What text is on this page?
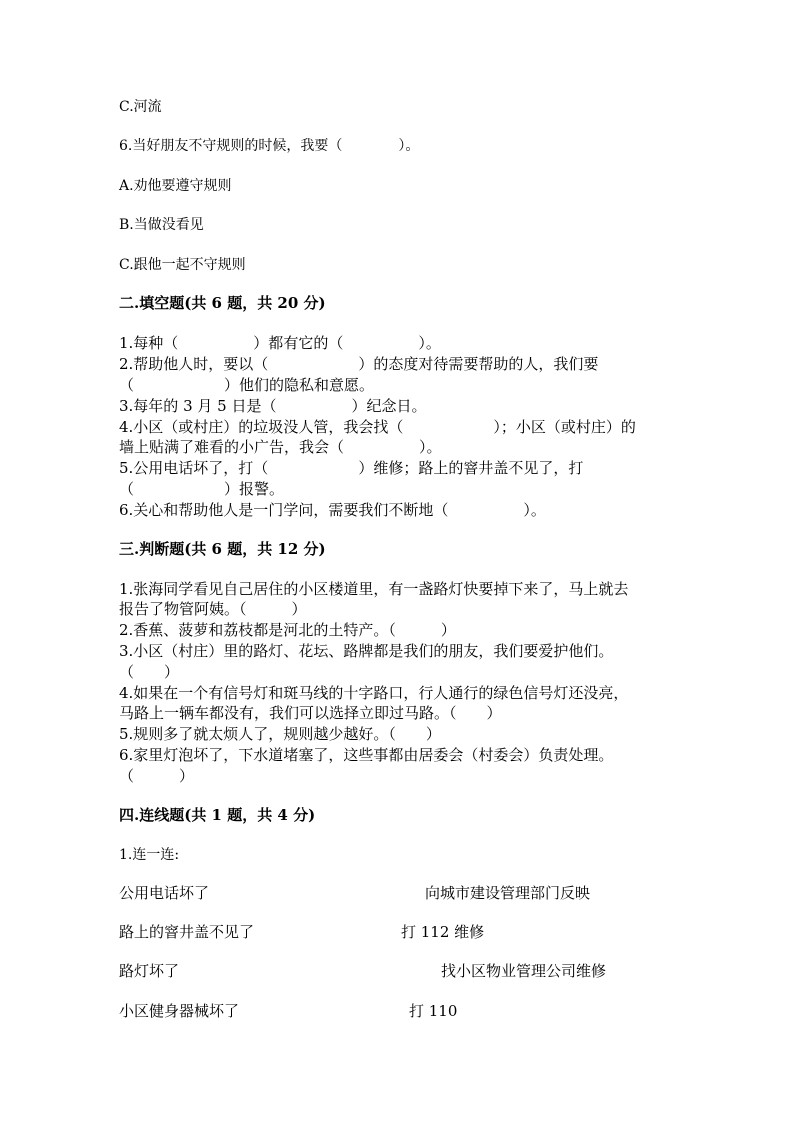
C.河流
6.当好朋友不守规则的时候，我要（　　　　）。
A.劝他要遵守规则
B.当做没看见
C.跟他一起不守规则
二.填空题(共 6 题，共 20 分)
1.每种（　　　　　）都有它的（　　　　　）。
2.帮助他人时，要以（　　　　　　）的态度对待需要帮助的人，我们要
（　　　　　　）他们的隐私和意愿。
3.每年的 3 月 5 日是（　　　　　）纪念日。
4.小区（或村庄）的垃圾没人管，我会找（　　　　　　）；小区（或村庄）的
墙上贴满了难看的小广告，我会（　　　　　）。
5.公用电话坏了，打（　　　　　　）维修；路上的窨井盖不见了，打
（　　　　　　）报警。
6.关心和帮助他人是一门学问，需要我们不断地（　　　　　）。
三.判断题(共 6 题，共 12 分)
1.张海同学看见自己居住的小区楼道里，有一盏路灯快要掉下来了，马上就去
报告了物管阿姨。（　　　）
2.香蕉、菠萝和荔枝都是河北的土特产。（　　　）
3.小区（村庄）里的路灯、花坛、路牌都是我们的朋友，我们要爱护他们。
（　　）
4.如果在一个有信号灯和斑马线的十字路口，行人通行的绿色信号灯还没亮，
马路上一辆车都没有，我们可以选择立即过马路。（　　）
5.规则多了就太烦人了，规则越少越好。（　　）
6.家里灯泡坏了，下水道堵塞了，这些事都由居委会（村委会）负责处理。
（　　　）
四.连线题(共 1 题，共 4 分)
1.连一连:
公用电话坏了	向城市建设管理部门反映
路上的窨井盖不见了	打 112 维修
路灯坏了	找小区物业管理公司维修
小区健身器械坏了	打 110
